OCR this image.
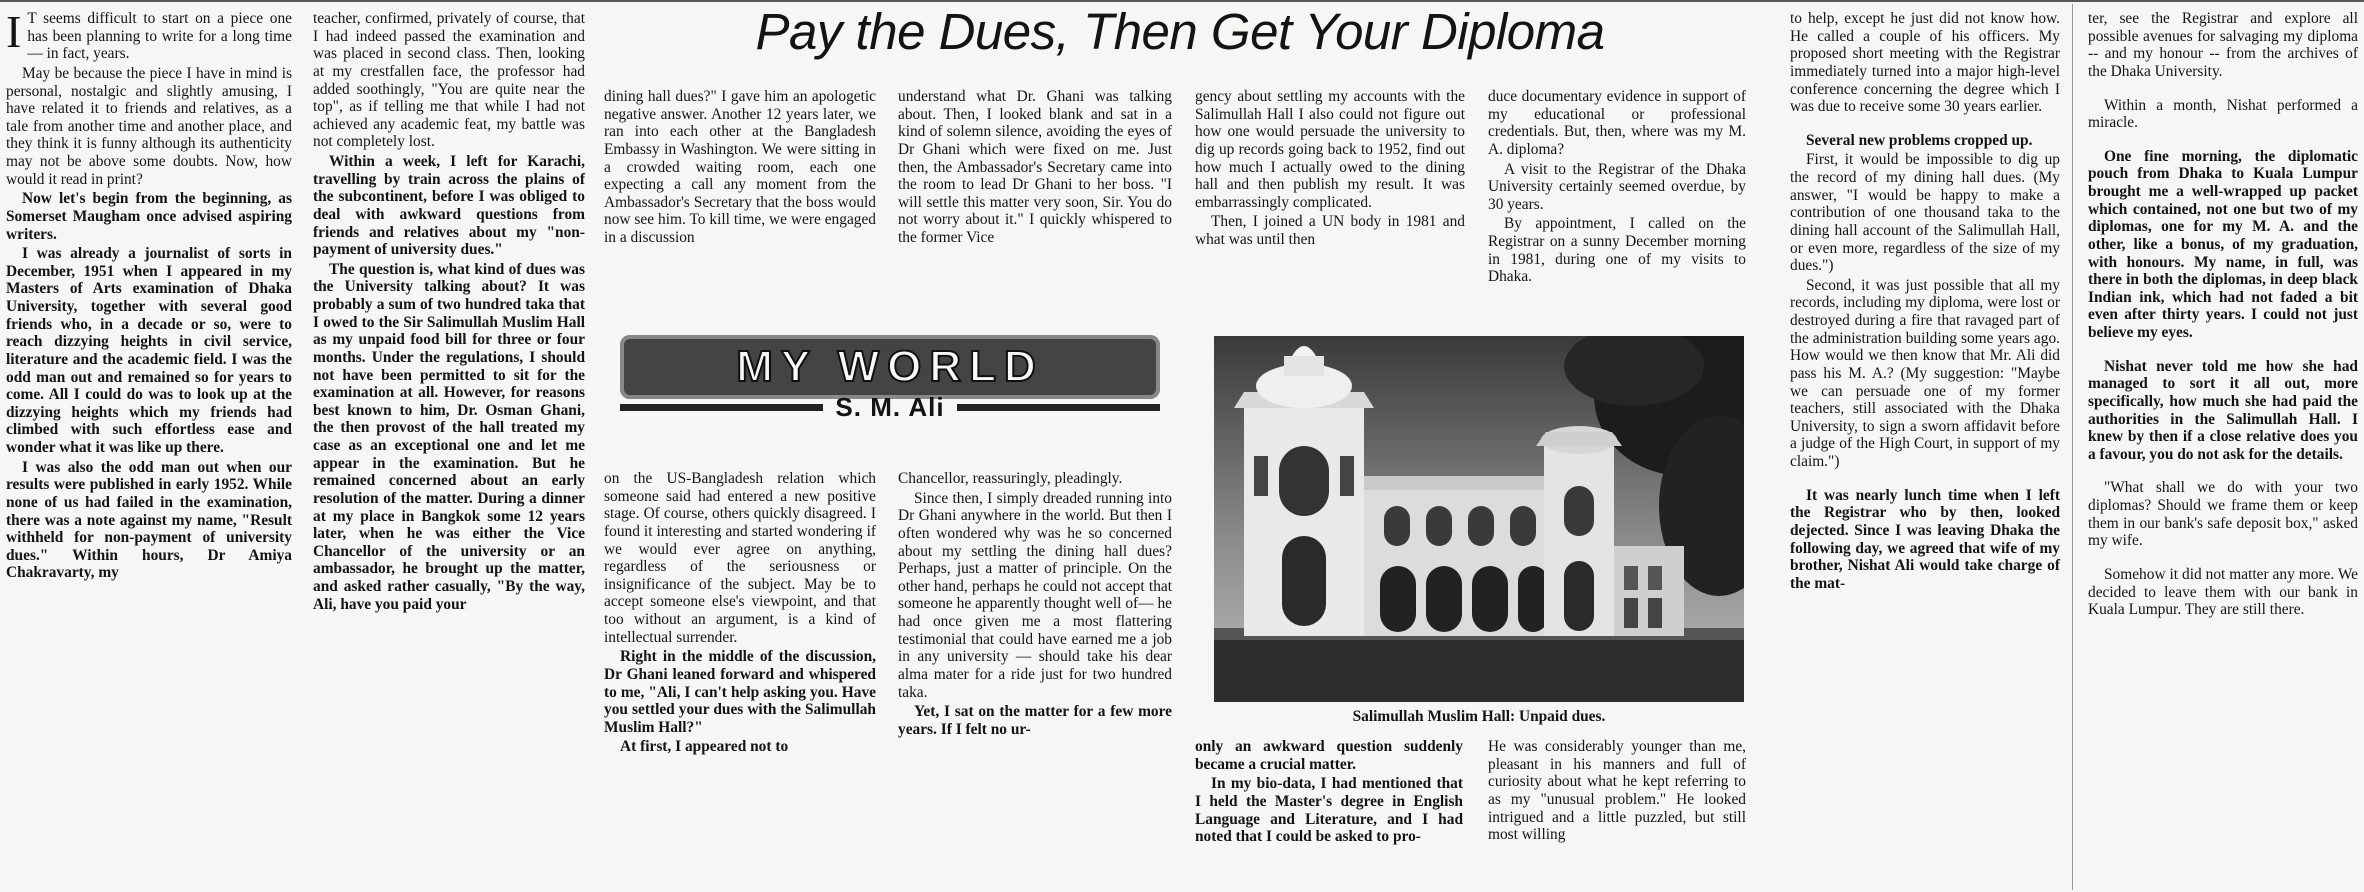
Pay the Dues, Then Get Your Diploma

I T seems difficult to start on a piece one has been planning to write for a long time — in fact, years.

May be because the piece I have in mind is personal, nostalgic and slightly amusing, I have related it to friends and relatives, as a tale from another time and another place, and they think it is funny although its authenticity may not be above some doubts. Now, how would it read in print?

Now let's begin from the beginning, as Somerset Maugham once advised aspiring writers.

I was already a journalist of sorts in December, 1951 when I appeared in my Masters of Arts examination of Dhaka University, together with several good friends who, in a decade or so, were to reach dizzying heights in civil service, literature and the academic field. I was the odd man out and remained so for years to come. All I could do was to look up at the dizzying heights which my friends had climbed with such effortless ease and wonder what it was like up there.

I was also the odd man out when our results were published in early 1952. While none of us had failed in the examination, there was a note against my name, "Result withheld for non-payment of university dues." Within hours, Dr Amiya Chakravarty, my

teacher, confirmed, privately of course, that I had indeed passed the examination and was placed in second class. Then, looking at my crestfallen face, the professor had added soothingly, "You are quite near the top", as if telling me that while I had not achieved any academic feat, my battle was not completely lost.

Within a week, I left for Karachi, travelling by train across the plains of the subcontinent, before I was obliged to deal with awkward questions from friends and relatives about my "non-payment of university dues."

The question is, what kind of dues was the University talking about? It was probably a sum of two hundred taka that I owed to the Sir Salimullah Muslim Hall as my unpaid food bill for three or four months. Under the regulations, I should not have been permitted to sit for the examination at all. However, for reasons best known to him, Dr. Osman Ghani, the then provost of the hall treated my case as an exceptional one and let me appear in the examination. But he remained concerned about an early resolution of the matter. During a dinner at my place in Bangkok some 12 years later, when he was either the Vice Chancellor of the university or an ambassador, he brought up the matter, and asked rather casually, "By the way, Ali, have you paid your

dining hall dues?" I gave him an apologetic negative answer. Another 12 years later, we ran into each other at the Bangladesh Embassy in Washington. We were sitting in a crowded waiting room, each one expecting a call any moment from the Ambassador's Secretary that the boss would now see him. To kill time, we were engaged in a discussion

understand what Dr. Ghani was talking about. Then, I looked blank and sat in a kind of solemn silence, avoiding the eyes of Dr Ghani which were fixed on me. Just then, the Ambassador's Secretary came into the room to lead Dr Ghani to her boss. "I will settle this matter very soon, Sir. You do not worry about it." I quickly whispered to the former Vice

gency about settling my accounts with the Salimullah Hall I also could not figure out how one would persuade the university to dig up records going back to 1952, find out how much I actually owed to the dining hall and then publish my result. It was embarrassingly complicated.

Then, I joined a UN body in 1981 and what was until then

duce documentary evidence in support of my educational or professional credentials. But, then, where was my M. A. diploma?

A visit to the Registrar of the Dhaka University certainly seemed overdue, by 30 years.

By appointment, I called on the Registrar on a sunny December morning in 1981, during one of my visits to Dhaka.

MY WORLD
S. M. Ali

on the US-Bangladesh relation which someone said had entered a new positive stage. Of course, others quickly disagreed. I found it interesting and started wondering if we would ever agree on anything, regardless of the seriousness or insignificance of the subject. May be to accept someone else's viewpoint, and that too without an argument, is a kind of intellectual surrender.

Right in the middle of the discussion, Dr Ghani leaned forward and whispered to me, "Ali, I can't help asking you. Have you settled your dues with the Salimullah Muslim Hall?"

At first, I appeared not to

Chancellor, reassuringly, pleadingly.

Since then, I simply dreaded running into Dr Ghani anywhere in the world. But then I often wondered why was he so concerned about my settling the dining hall dues? Perhaps, just a matter of principle. On the other hand, perhaps he could not accept that someone he apparently thought well of— he had once given me a most flattering testimonial that could have earned me a job in any university — should take his dear alma mater for a ride just for two hundred taka.

Yet, I sat on the matter for a few more years. If I felt no ur-

Salimullah Muslim Hall: Unpaid dues.

only an awkward question suddenly became a crucial matter.

In my bio-data, I had mentioned that I held the Master's degree in English Language and Literature, and I had noted that I could be asked to pro-

He was considerably younger than me, pleasant in his manners and full of curiosity about what he kept referring to as my "unusual problem." He looked intrigued and a little puzzled, but still most willing

to help, except he just did not know how. He called a couple of his officers. My proposed short meeting with the Registrar immediately turned into a major high-level conference concerning the degree which I was due to receive some 30 years earlier.

Several new problems cropped up.

First, it would be impossible to dig up the record of my dining hall dues. (My answer, "I would be happy to make a contribution of one thousand taka to the dining hall account of the Salimullah Hall, or even more, regardless of the size of my dues.")

Second, it was just possible that all my records, including my diploma, were lost or destroyed during a fire that ravaged part of the administration building some years ago. How would we then know that Mr. Ali did pass his M. A.? (My suggestion: "Maybe we can persuade one of my former teachers, still associated with the Dhaka University, to sign a sworn affidavit before a judge of the High Court, in support of my claim.")

It was nearly lunch time when I left the Registrar who by then, looked dejected. Since I was leaving Dhaka the following day, we agreed that wife of my brother, Nishat Ali would take charge of the mat-

ter, see the Registrar and explore all possible avenues for salvaging my diploma -- and my honour -- from the archives of the Dhaka University.

Within a month, Nishat performed a miracle.

One fine morning, the diplomatic pouch from Dhaka to Kuala Lumpur brought me a well-wrapped up packet which contained, not one but two of my diplomas, one for my M. A. and the other, like a bonus, of my graduation, with honours. My name, in full, was there in both the diplomas, in deep black Indian ink, which had not faded a bit even after thirty years. I could not just believe my eyes.

Nishat never told me how she had managed to sort it all out, more specifically, how much she had paid the authorities in the Salimullah Hall. I knew by then if a close relative does you a favour, you do not ask for the details.

"What shall we do with your two diplomas? Should we frame them or keep them in our bank's safe deposit box," asked my wife.

Somehow it did not matter any more. We decided to leave them with our bank in Kuala Lumpur. They are still there.
